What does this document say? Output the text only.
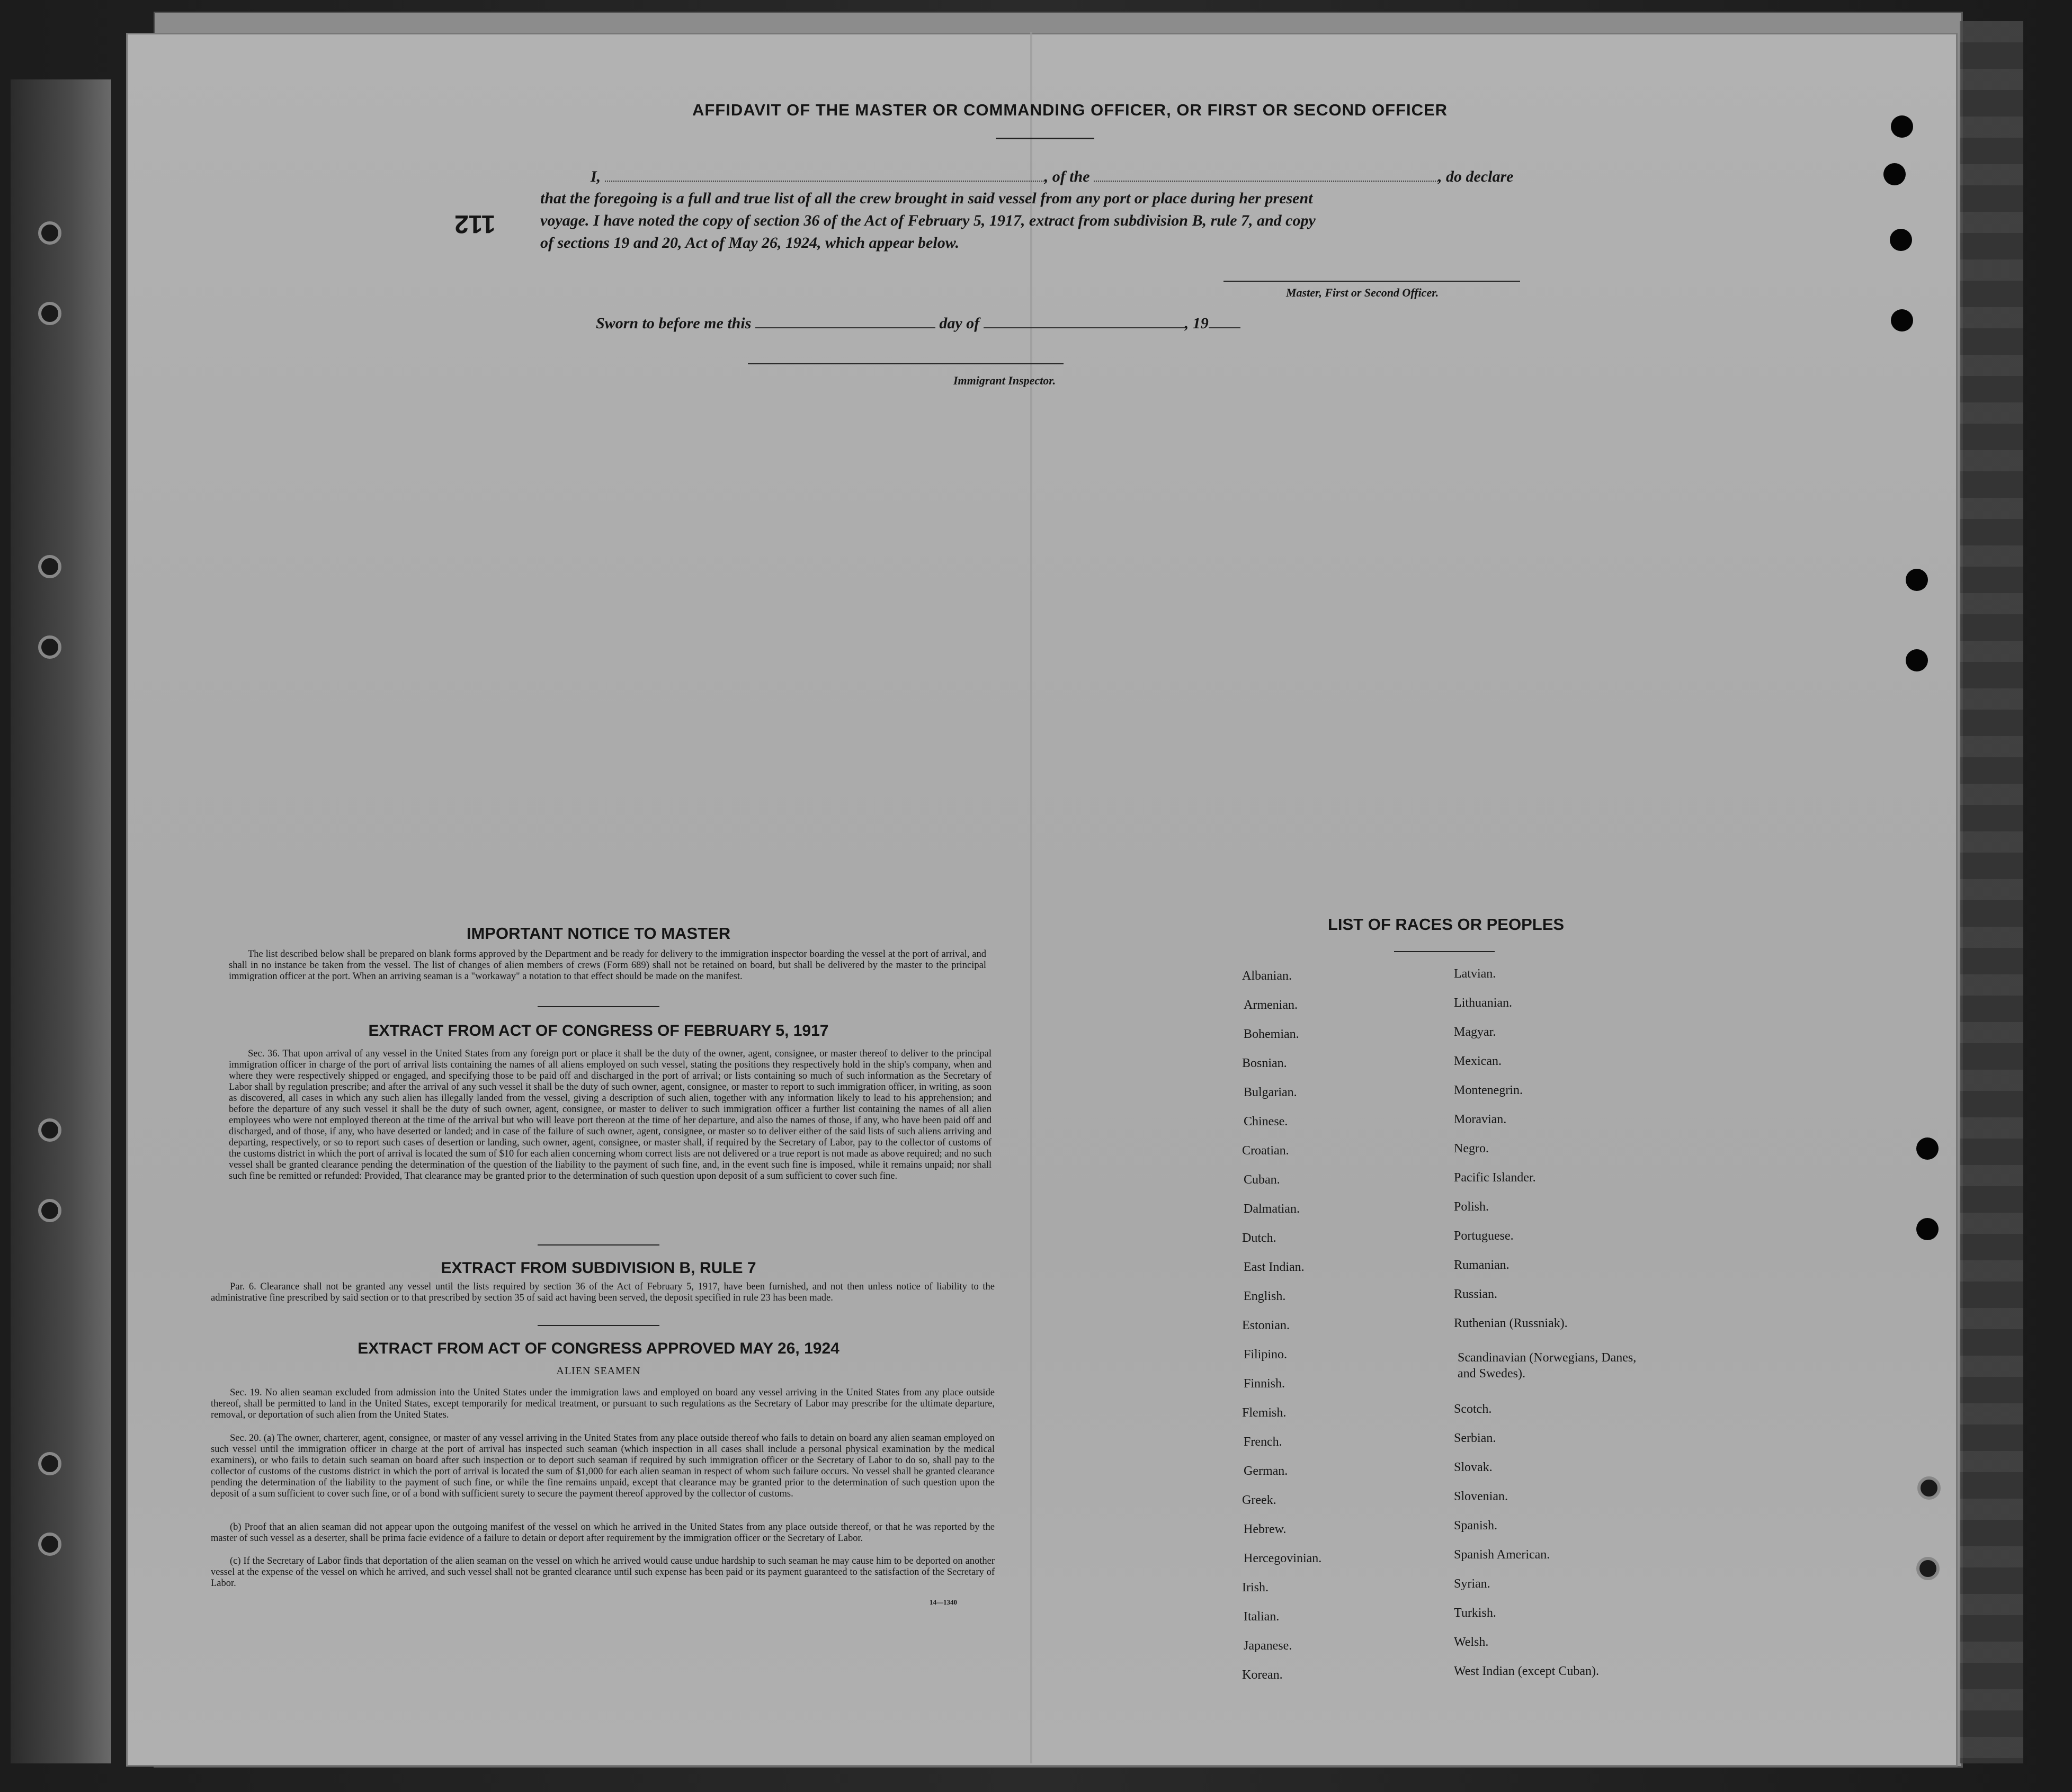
AFFIDAVIT OF THE MASTER OR COMMANDING OFFICER, OR FIRST OR SECOND OFFICER
112
I,	, of the	, do declare
that the foregoing is a full and true list of all the crew brought in said vessel from any port or place during her present
voyage. I have noted the copy of section 36 of the Act of February 5, 1917, extract from subdivision B, rule 7, and copy
of sections 19 and 20, Act of May 26, 1924, which appear below.
Master, First or Second Officer.
Sworn to before me this	day of	, 19
Immigrant Inspector.
IMPORTANT NOTICE TO MASTER
The list described below shall be prepared on blank forms approved by the Department and be ready for delivery to the immigration inspector boarding the vessel at the port of arrival, and shall in no instance be taken from the vessel. The list of changes of alien members of crews (Form 689) shall not be retained on board, but shall be delivered by the master to the principal immigration officer at the port. When an arriving seaman is a "workaway" a notation to that effect should be made on the manifest.
EXTRACT FROM ACT OF CONGRESS OF FEBRUARY 5, 1917
Sec. 36. That upon arrival of any vessel in the United States from any foreign port or place it shall be the duty of the owner, agent, consignee, or master thereof to deliver to the principal immigration officer in charge of the port of arrival lists containing the names of all aliens employed on such vessel, stating the positions they respectively hold in the ship's company, when and where they were respectively shipped or engaged, and specifying those to be paid off and discharged in the port of arrival; or lists containing so much of such information as the Secretary of Labor shall by regulation prescribe; and after the arrival of any such vessel it shall be the duty of such owner, agent, consignee, or master to report to such immigration officer, in writing, as soon as discovered, all cases in which any such alien has illegally landed from the vessel, giving a description of such alien, together with any information likely to lead to his apprehension; and before the departure of any such vessel it shall be the duty of such owner, agent, consignee, or master to deliver to such immigration officer a further list containing the names of all alien employees who were not employed thereon at the time of the arrival but who will leave port thereon at the time of her departure, and also the names of those, if any, who have been paid off and discharged, and of those, if any, who have deserted or landed; and in case of the failure of such owner, agent, consignee, or master so to deliver either of the said lists of such aliens arriving and departing, respectively, or so to report such cases of desertion or landing, such owner, agent, consignee, or master shall, if required by the Secretary of Labor, pay to the collector of customs of the customs district in which the port of arrival is located the sum of $10 for each alien concerning whom correct lists are not delivered or a true report is not made as above required; and no such vessel shall be granted clearance pending the determination of the question of the liability to the payment of such fine, and, in the event such fine is imposed, while it remains unpaid; nor shall such fine be remitted or refunded: Provided, That clearance may be granted prior to the determination of such question upon deposit of a sum sufficient to cover such fine.
EXTRACT FROM SUBDIVISION B, RULE 7
Par. 6. Clearance shall not be granted any vessel until the lists required by section 36 of the Act of February 5, 1917, have been furnished, and not then unless notice of liability to the administrative fine prescribed by said section or to that prescribed by section 35 of said act having been served, the deposit specified in rule 23 has been made.
EXTRACT FROM ACT OF CONGRESS APPROVED MAY 26, 1924
ALIEN SEAMEN
Sec. 19. No alien seaman excluded from admission into the United States under the immigration laws and employed on board any vessel arriving in the United States from any place outside thereof, shall be permitted to land in the United States, except temporarily for medical treatment, or pursuant to such regulations as the Secretary of Labor may prescribe for the ultimate departure, removal, or deportation of such alien from the United States.
Sec. 20. (a) The owner, charterer, agent, consignee, or master of any vessel arriving in the United States from any place outside thereof who fails to detain on board any alien seaman employed on such vessel until the immigration officer in charge at the port of arrival has inspected such seaman (which inspection in all cases shall include a personal physical examination by the medical examiners), or who fails to detain such seaman on board after such inspection or to deport such seaman if required by such immigration officer or the Secretary of Labor to do so, shall pay to the collector of customs of the customs district in which the port of arrival is located the sum of $1,000 for each alien seaman in respect of whom such failure occurs. No vessel shall be granted clearance pending the determination of the liability to the payment of such fine, or while the fine remains unpaid, except that clearance may be granted prior to the determination of such question upon the deposit of a sum sufficient to cover such fine, or of a bond with sufficient surety to secure the payment thereof approved by the collector of customs.
(b) Proof that an alien seaman did not appear upon the outgoing manifest of the vessel on which he arrived in the United States from any place outside thereof, or that he was reported by the master of such vessel as a deserter, shall be prima facie evidence of a failure to detain or deport after requirement by the immigration officer or the Secretary of Labor.
(c) If the Secretary of Labor finds that deportation of the alien seaman on the vessel on which he arrived would cause undue hardship to such seaman he may cause him to be deported on another vessel at the expense of the vessel on which he arrived, and such vessel shall not be granted clearance until such expense has been paid or its payment guaranteed to the satisfaction of the Secretary of Labor.
14—1340
LIST OF RACES OR PEOPLES
Albanian.
Armenian.
Bohemian.
Bosnian.
Bulgarian.
Chinese.
Croatian.
Cuban.
Dalmatian.
Dutch.
East Indian.
English.
Estonian.
Filipino.
Finnish.
Flemish.
French.
German.
Greek.
Hebrew.
Hercegovinian.
Irish.
Italian.
Japanese.
Korean.
Latvian.
Lithuanian.
Magyar.
Mexican.
Montenegrin.
Moravian.
Negro.
Pacific Islander.
Polish.
Portuguese.
Rumanian.
Russian.
Ruthenian (Russniak).
Scandinavian (Norwegians, Danes, and Swedes).
Scotch.
Serbian.
Slovak.
Slovenian.
Spanish.
Spanish American.
Syrian.
Turkish.
Welsh.
West Indian (except Cuban).
